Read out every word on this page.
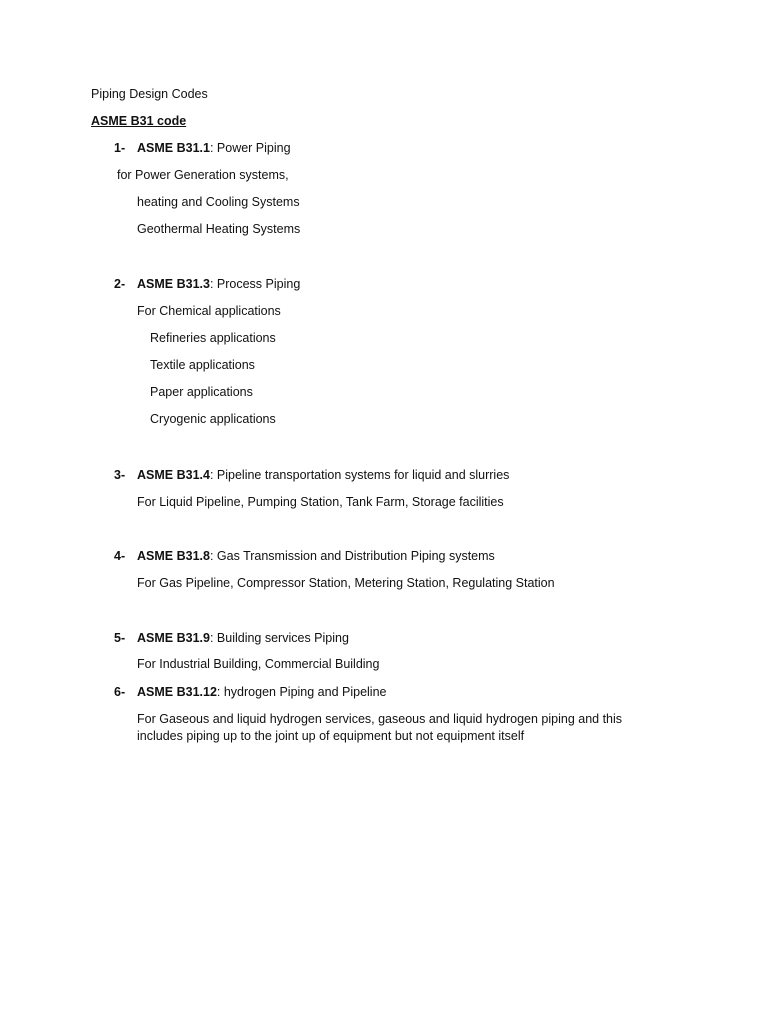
Piping Design Codes
ASME B31 code
1- ASME B31.1: Power Piping
for Power Generation systems,
heating and Cooling Systems
Geothermal Heating Systems
2- ASME B31.3: Process Piping
For Chemical applications
Refineries applications
Textile applications
Paper applications
Cryogenic applications
3- ASME B31.4: Pipeline transportation systems for liquid and slurries
For Liquid Pipeline, Pumping Station, Tank Farm, Storage facilities
4- ASME B31.8: Gas Transmission and Distribution Piping systems
For Gas Pipeline, Compressor Station, Metering Station, Regulating Station
5- ASME B31.9: Building services Piping
For Industrial Building, Commercial Building
6- ASME B31.12: hydrogen Piping and Pipeline
For Gaseous and liquid hydrogen services, gaseous and liquid hydrogen piping and this includes piping up to the joint up of equipment but not equipment itself
